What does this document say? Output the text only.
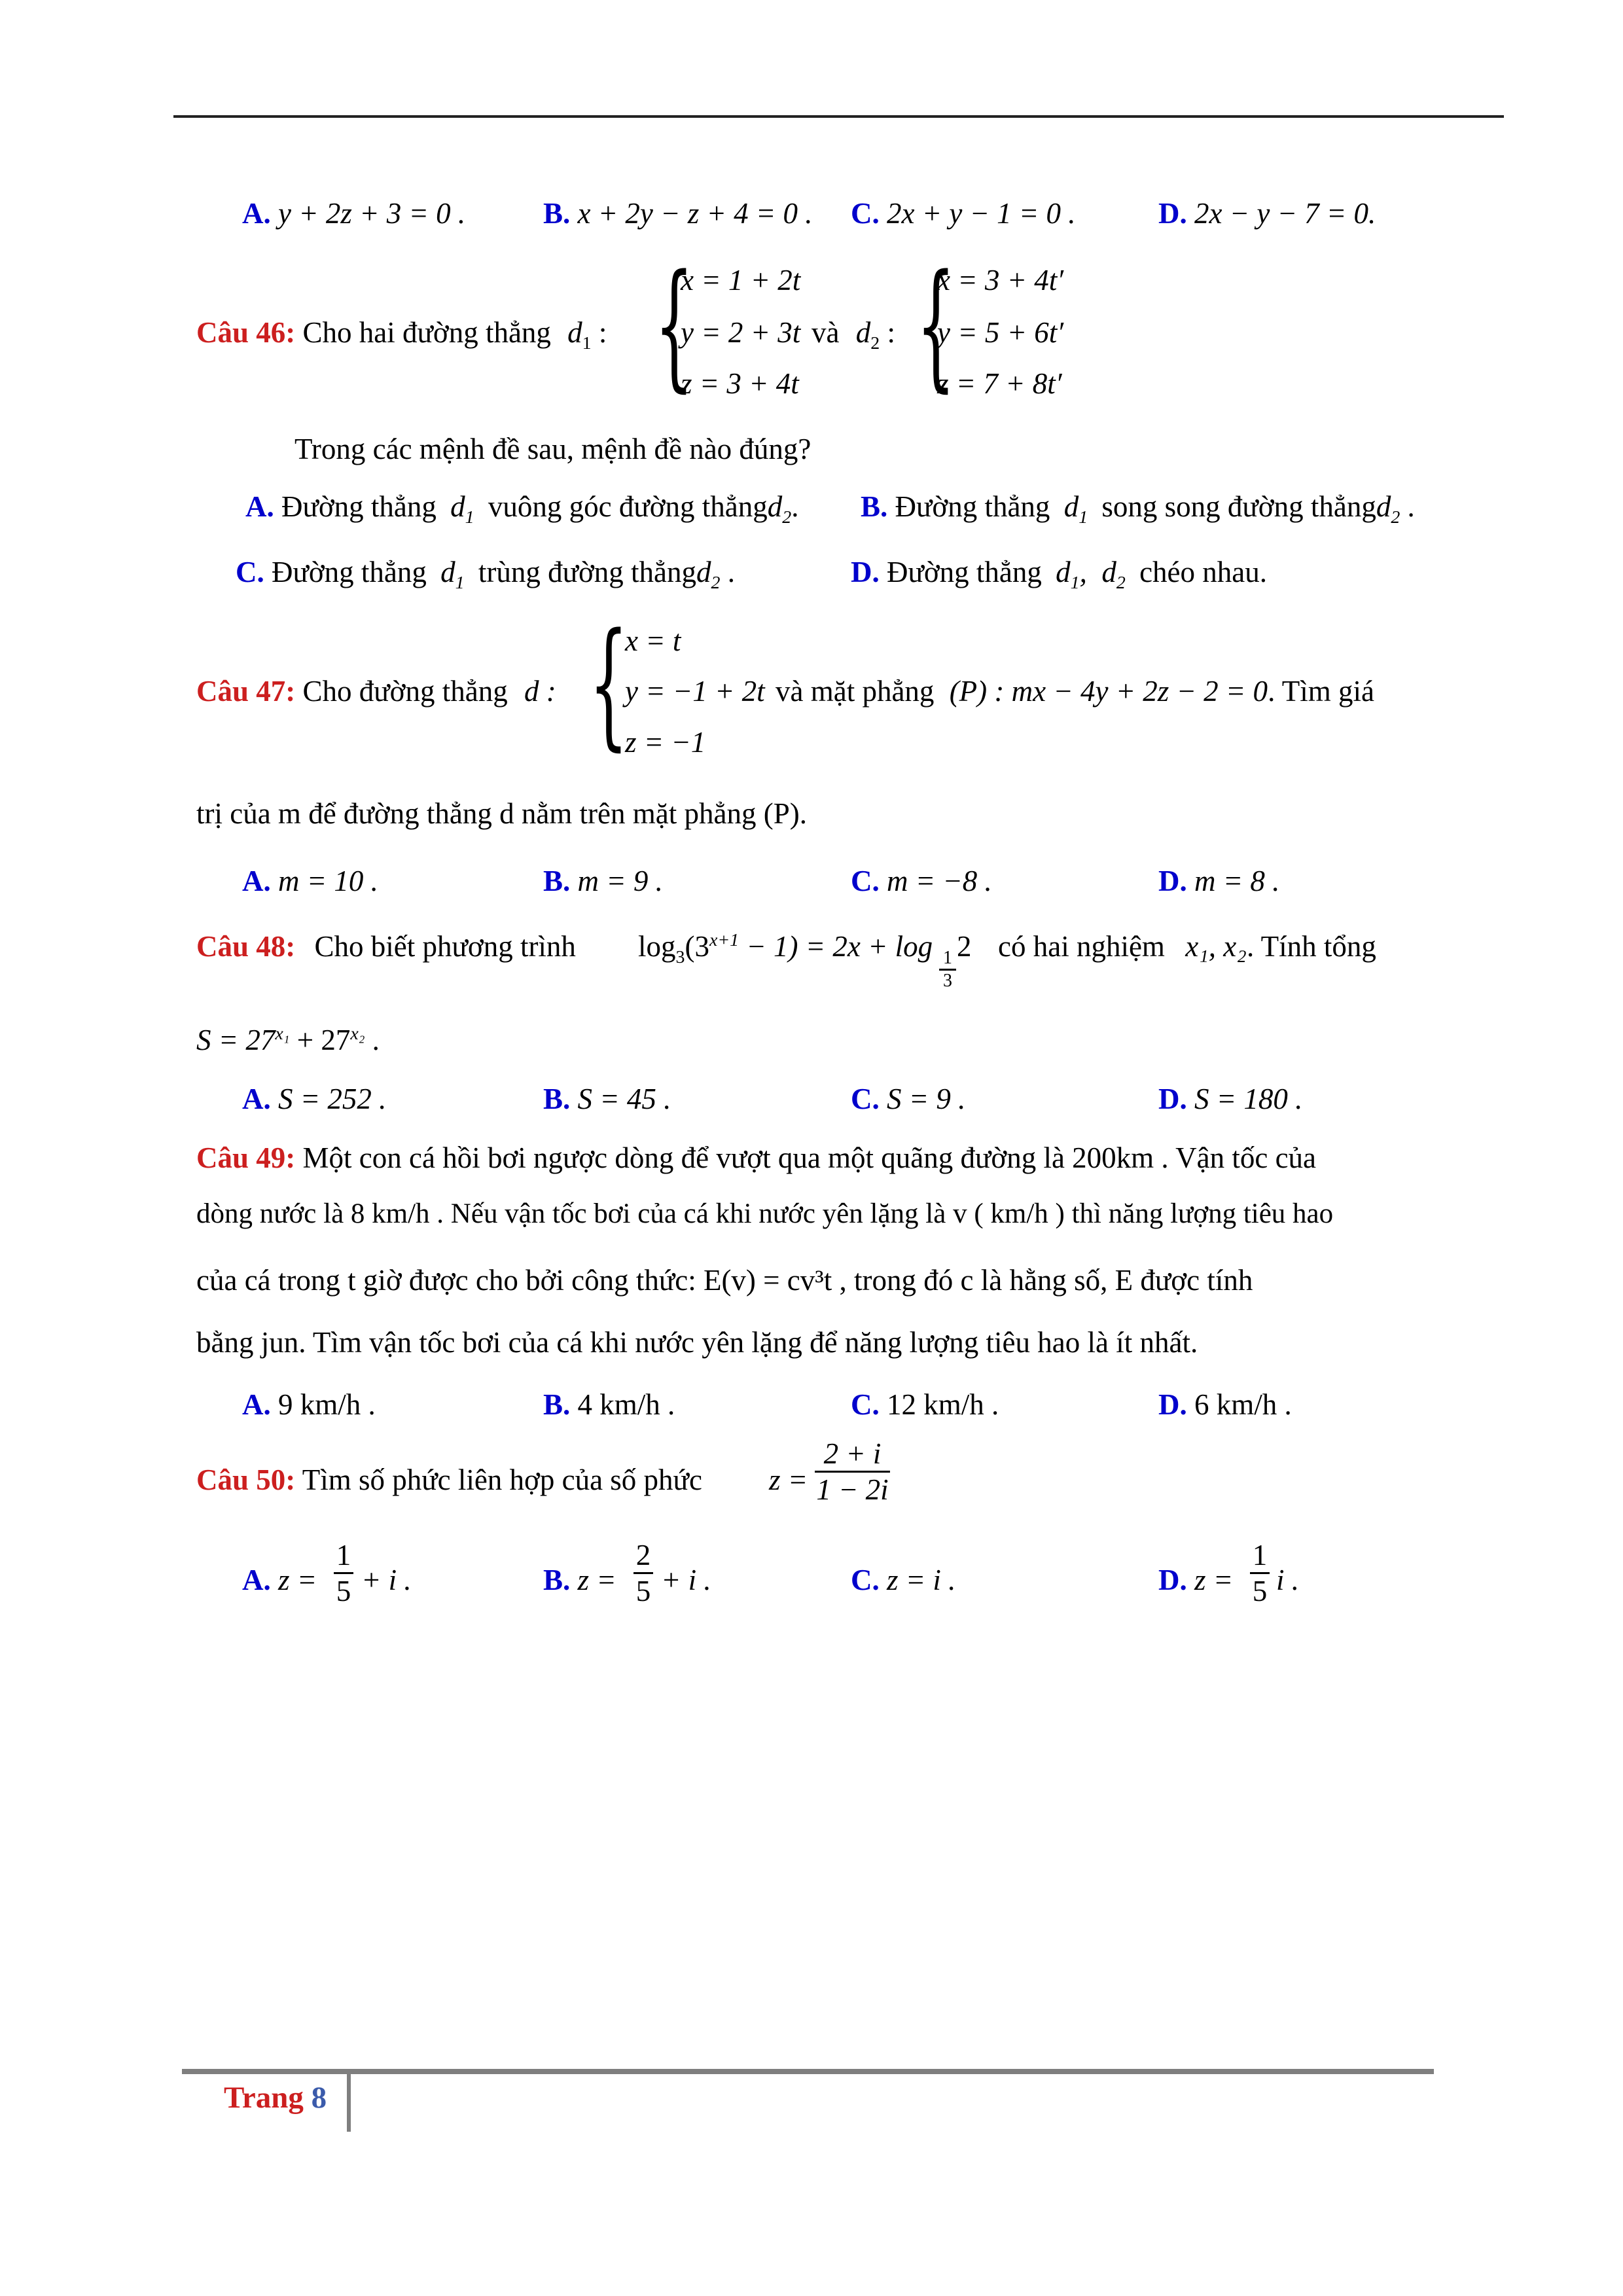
A. y + 2z + 3 = 0 .	B. x + 2y − z + 4 = 0 . C. 2x + y − 1 = 0 .	D. 2x − y − 7 = 0.
Câu 46: Cho hai đường thẳng $d_1$ : {
x = 1 + 2t
y = 2 + 3t
z = 3 + 4t
và $d_2$ : {
x = 3 + 4t′
y = 5 + 6t′
z = 7 + 8t′
Trong các mệnh đề sau, mệnh đề nào đúng?
A. Đường thẳng $d_1$ vuông góc đường thẳngd$_2$. B. Đường thẳng $d_1$ song song đường thẳngd$_2$ .
C. Đường thẳng $d_1$ trùng đường thẳngd$_2$ .	D. Đường thẳng $d_1$,  $d_2$ chéo nhau.
Câu 47: Cho đường thẳng d : {
x = t
y = −1 + 2t
z = −1
và mặt phẳng (P) : mx − 4y + 2z − 2 = 0. Tìm giá
trị của m để đường thẳng d nằm trên mặt phẳng (P).
A. m = 10 .	B. m = 9 .	C. m = −8 .	D. m = 8 .
Câu 48: Cho biết phương trình $\log_3(3^{x+1} - 1) = 2x + \log$
$\frac{1}{3}$
2 có hai nghiệm x₁, x₂. Tính tổng
$S = 27^{x_1} + 27^{x_2}$ .
A. S = 252 .	B. S = 45 .	C. S = 9 .	D. S = 180 .
Câu 49: Một con cá hồi bơi ngược dòng để vượt qua một quãng đường là 200km . Vận tốc của
dòng nước là 8 km/h . Nếu vận tốc bơi của cá khi nước yên lặng là v ( km/h ) thì năng lượng tiêu hao
của cá trong t giờ được cho bởi công thức: E(v) = cv³t , trong đó c là hằng số, E được tính
bằng jun. Tìm vận tốc bơi của cá khi nước yên lặng để năng lượng tiêu hao là ít nhất.
A. 9 km/h .	B. 4 km/h .	C. 12 km/h .	D. 6 km/h .
Câu 50: Tìm số phức liên hợp của số phức $z = \frac{2 + i}{1 - 2i}$
A. $z = \frac{1}{5} + i$ .	B. $z = \frac{2}{5} + i$ .	C. z = i .	D. $z = \frac{1}{5}$ i .
Trang 8
